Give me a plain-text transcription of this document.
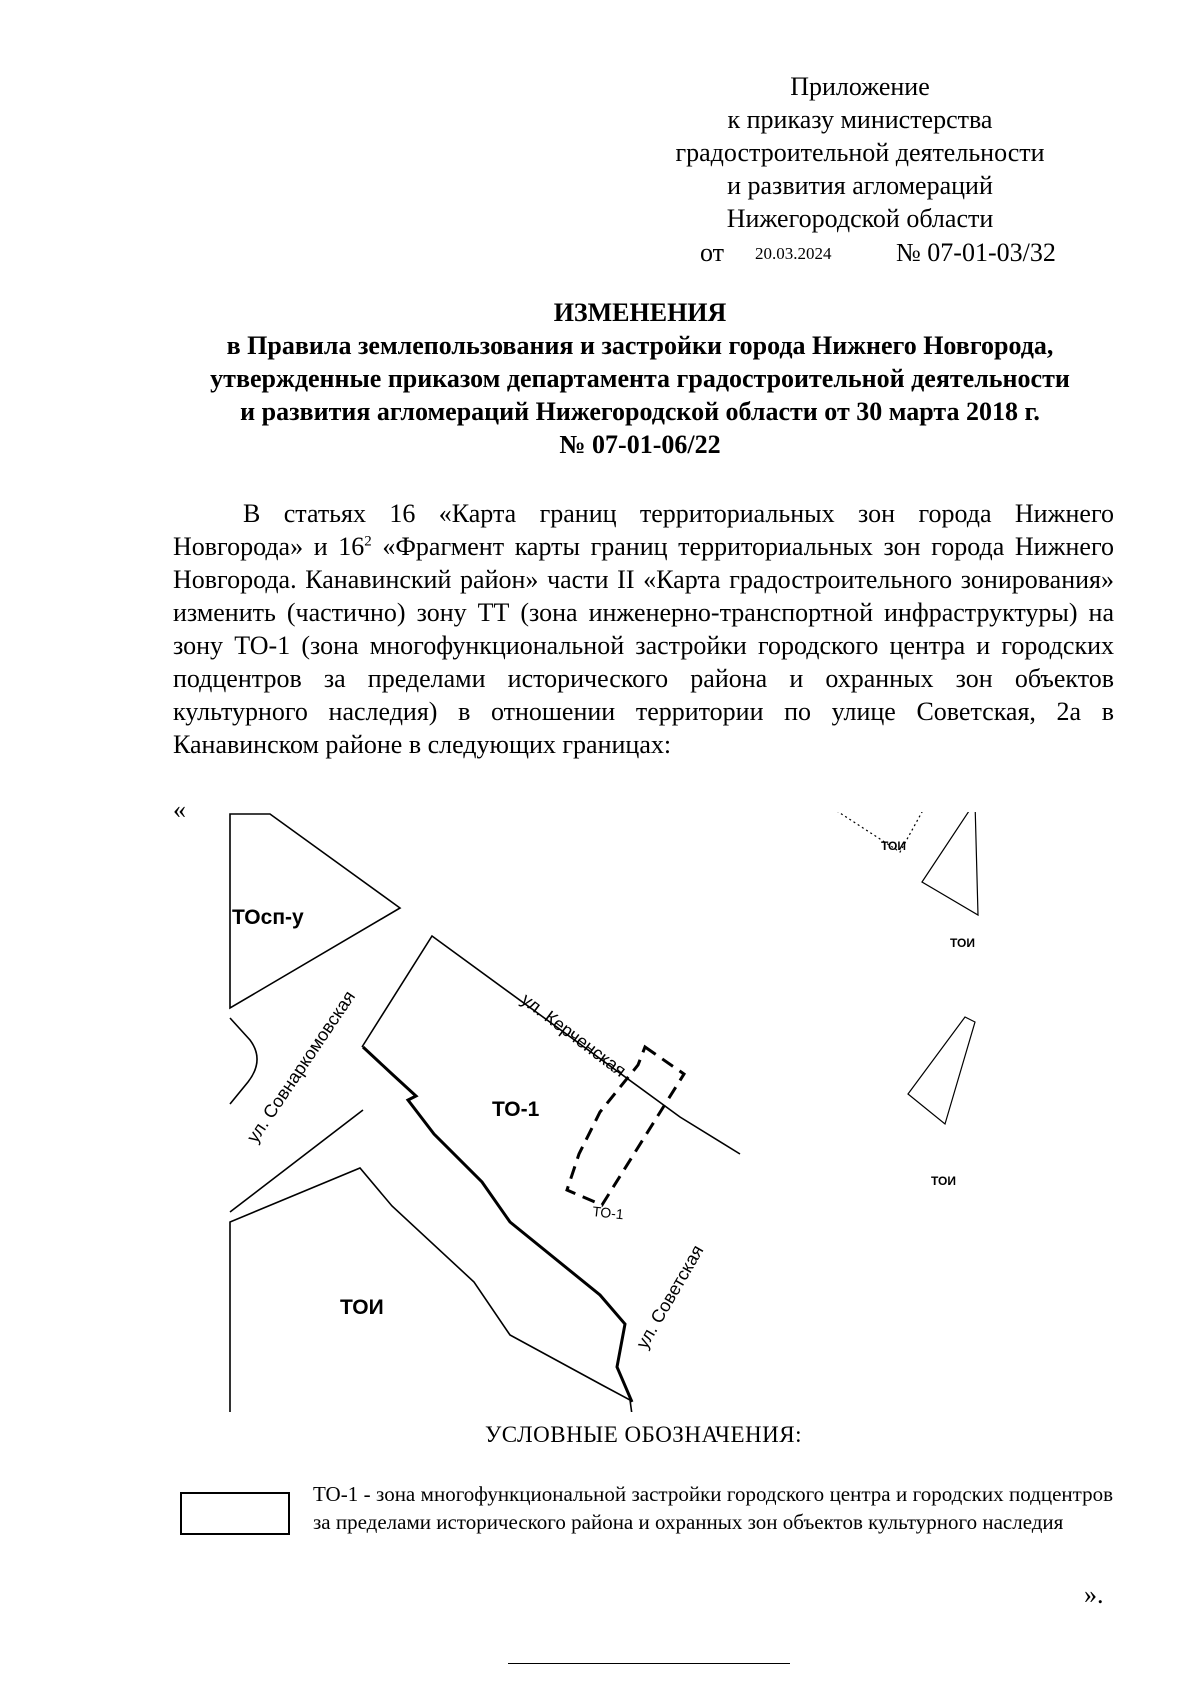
Приложение
к приказу министерства
градостроительной деятельности
и развития агломераций
Нижегородской области
от 20.03.2024 № 07-01-03/32
ИЗМЕНЕНИЯ
в Правила землепользования и застройки города Нижнего Новгорода,
утвержденные приказом департамента градостроительной деятельности
и развития агломераций Нижегородской области от 30 марта 2018 г.
№ 07-01-06/22

В статьях 16 «Карта границ территориальных зон города Нижнего Новгорода» и $16^2$ «Фрагмент карты границ территориальных зон города Нижнего Новгорода. Канавинский район» части II «Карта градостроительного зонирования» изменить (частично) зону ТТ (зона инженерно-транспортной инфраструктуры) на зону ТО-1 (зона многофункциональной застройки городского центра и городских подцентров за пределами исторического района и охранных зон объектов культурного наследия) в отношении территории по улице Советская, 2а в Канавинском районе в следующих границах:

«
ТОсп-у
ТО-1
ТОИ
ТОИ
ТОИ
ТОИ
ТО-1
ул. Совнаркомовская	ул. Керченская
ул. Советская
УСЛОВНЫЕ ОБОЗНАЧЕНИЯ:
ТО-1 - зона многофункциональной застройки городского центра и городских подцентров за пределами исторического района и охранных зон объектов культурного наследия
».
